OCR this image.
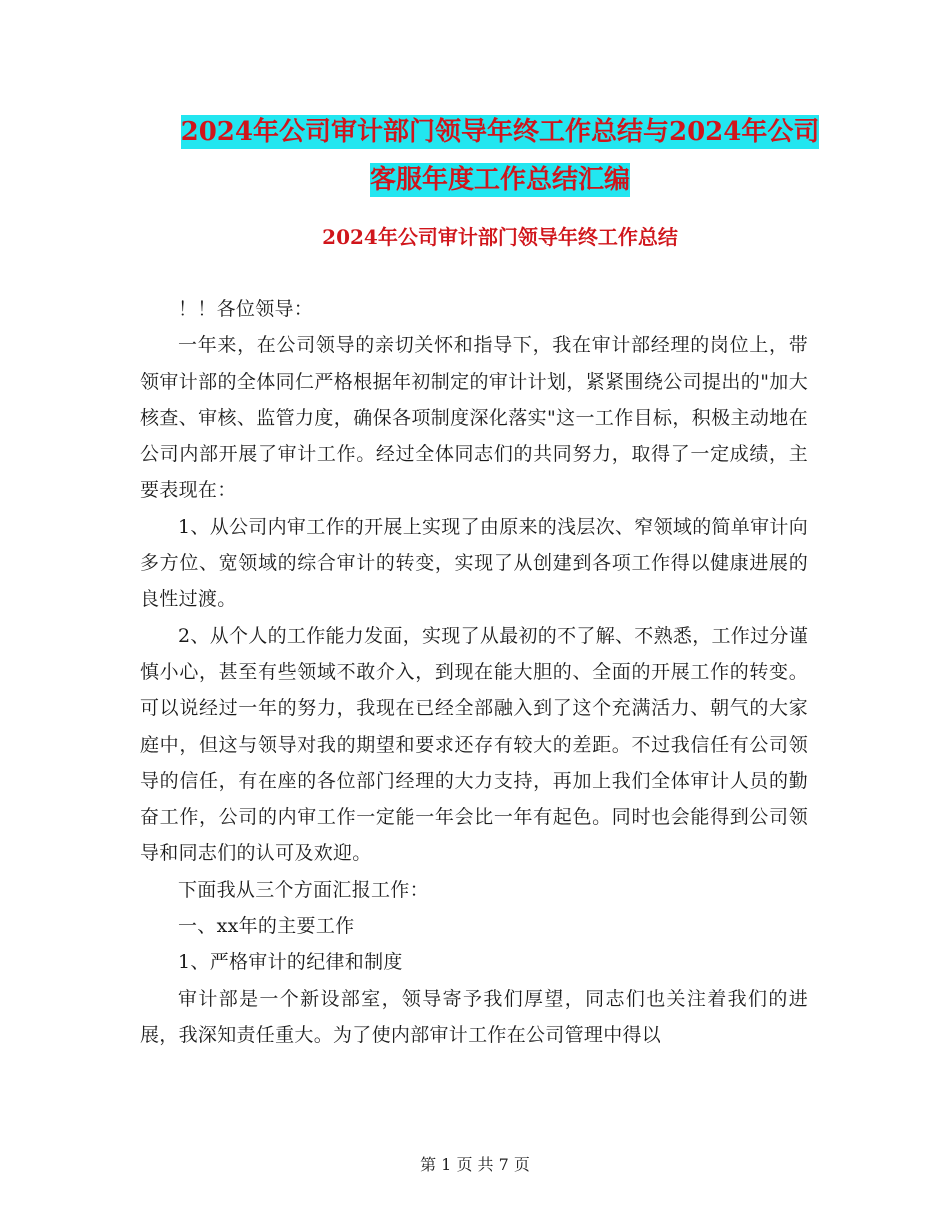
2024年公司审计部门领导年终工作总结与2024年公司
客服年度工作总结汇编
2024年公司审计部门领导年终工作总结

！！各位领导：

一年来，在公司领导的亲切关怀和指导下，我在审计部经理的岗位上，带领审计部的全体同仁严格根据年初制定的审计计划，紧紧围绕公司提出的"加大核查、审核、监管力度，确保各项制度深化落实"这一工作目标，积极主动地在公司内部开展了审计工作。经过全体同志们的共同努力，取得了一定成绩，主要表现在：

1、从公司内审工作的开展上实现了由原来的浅层次、窄领域的简单审计向多方位、宽领域的综合审计的转变，实现了从创建到各项工作得以健康进展的良性过渡。

2、从个人的工作能力发面，实现了从最初的不了解、不熟悉，工作过分谨慎小心，甚至有些领域不敢介入，到现在能大胆的、全面的开展工作的转变。可以说经过一年的努力，我现在已经全部融入到了这个充满活力、朝气的大家庭中，但这与领导对我的期望和要求还存有较大的差距。不过我信任有公司领导的信任，有在座的各位部门经理的大力支持，再加上我们全体审计人员的勤奋工作，公司的内审工作一定能一年会比一年有起色。同时也会能得到公司领导和同志们的认可及欢迎。

下面我从三个方面汇报工作：

一、xx年的主要工作

1、严格审计的纪律和制度

审计部是一个新设部室，领导寄予我们厚望，同志们也关注着我们的进展，我深知责任重大。为了使内部审计工作在公司管理中得以

第 1 页 共 7 页
